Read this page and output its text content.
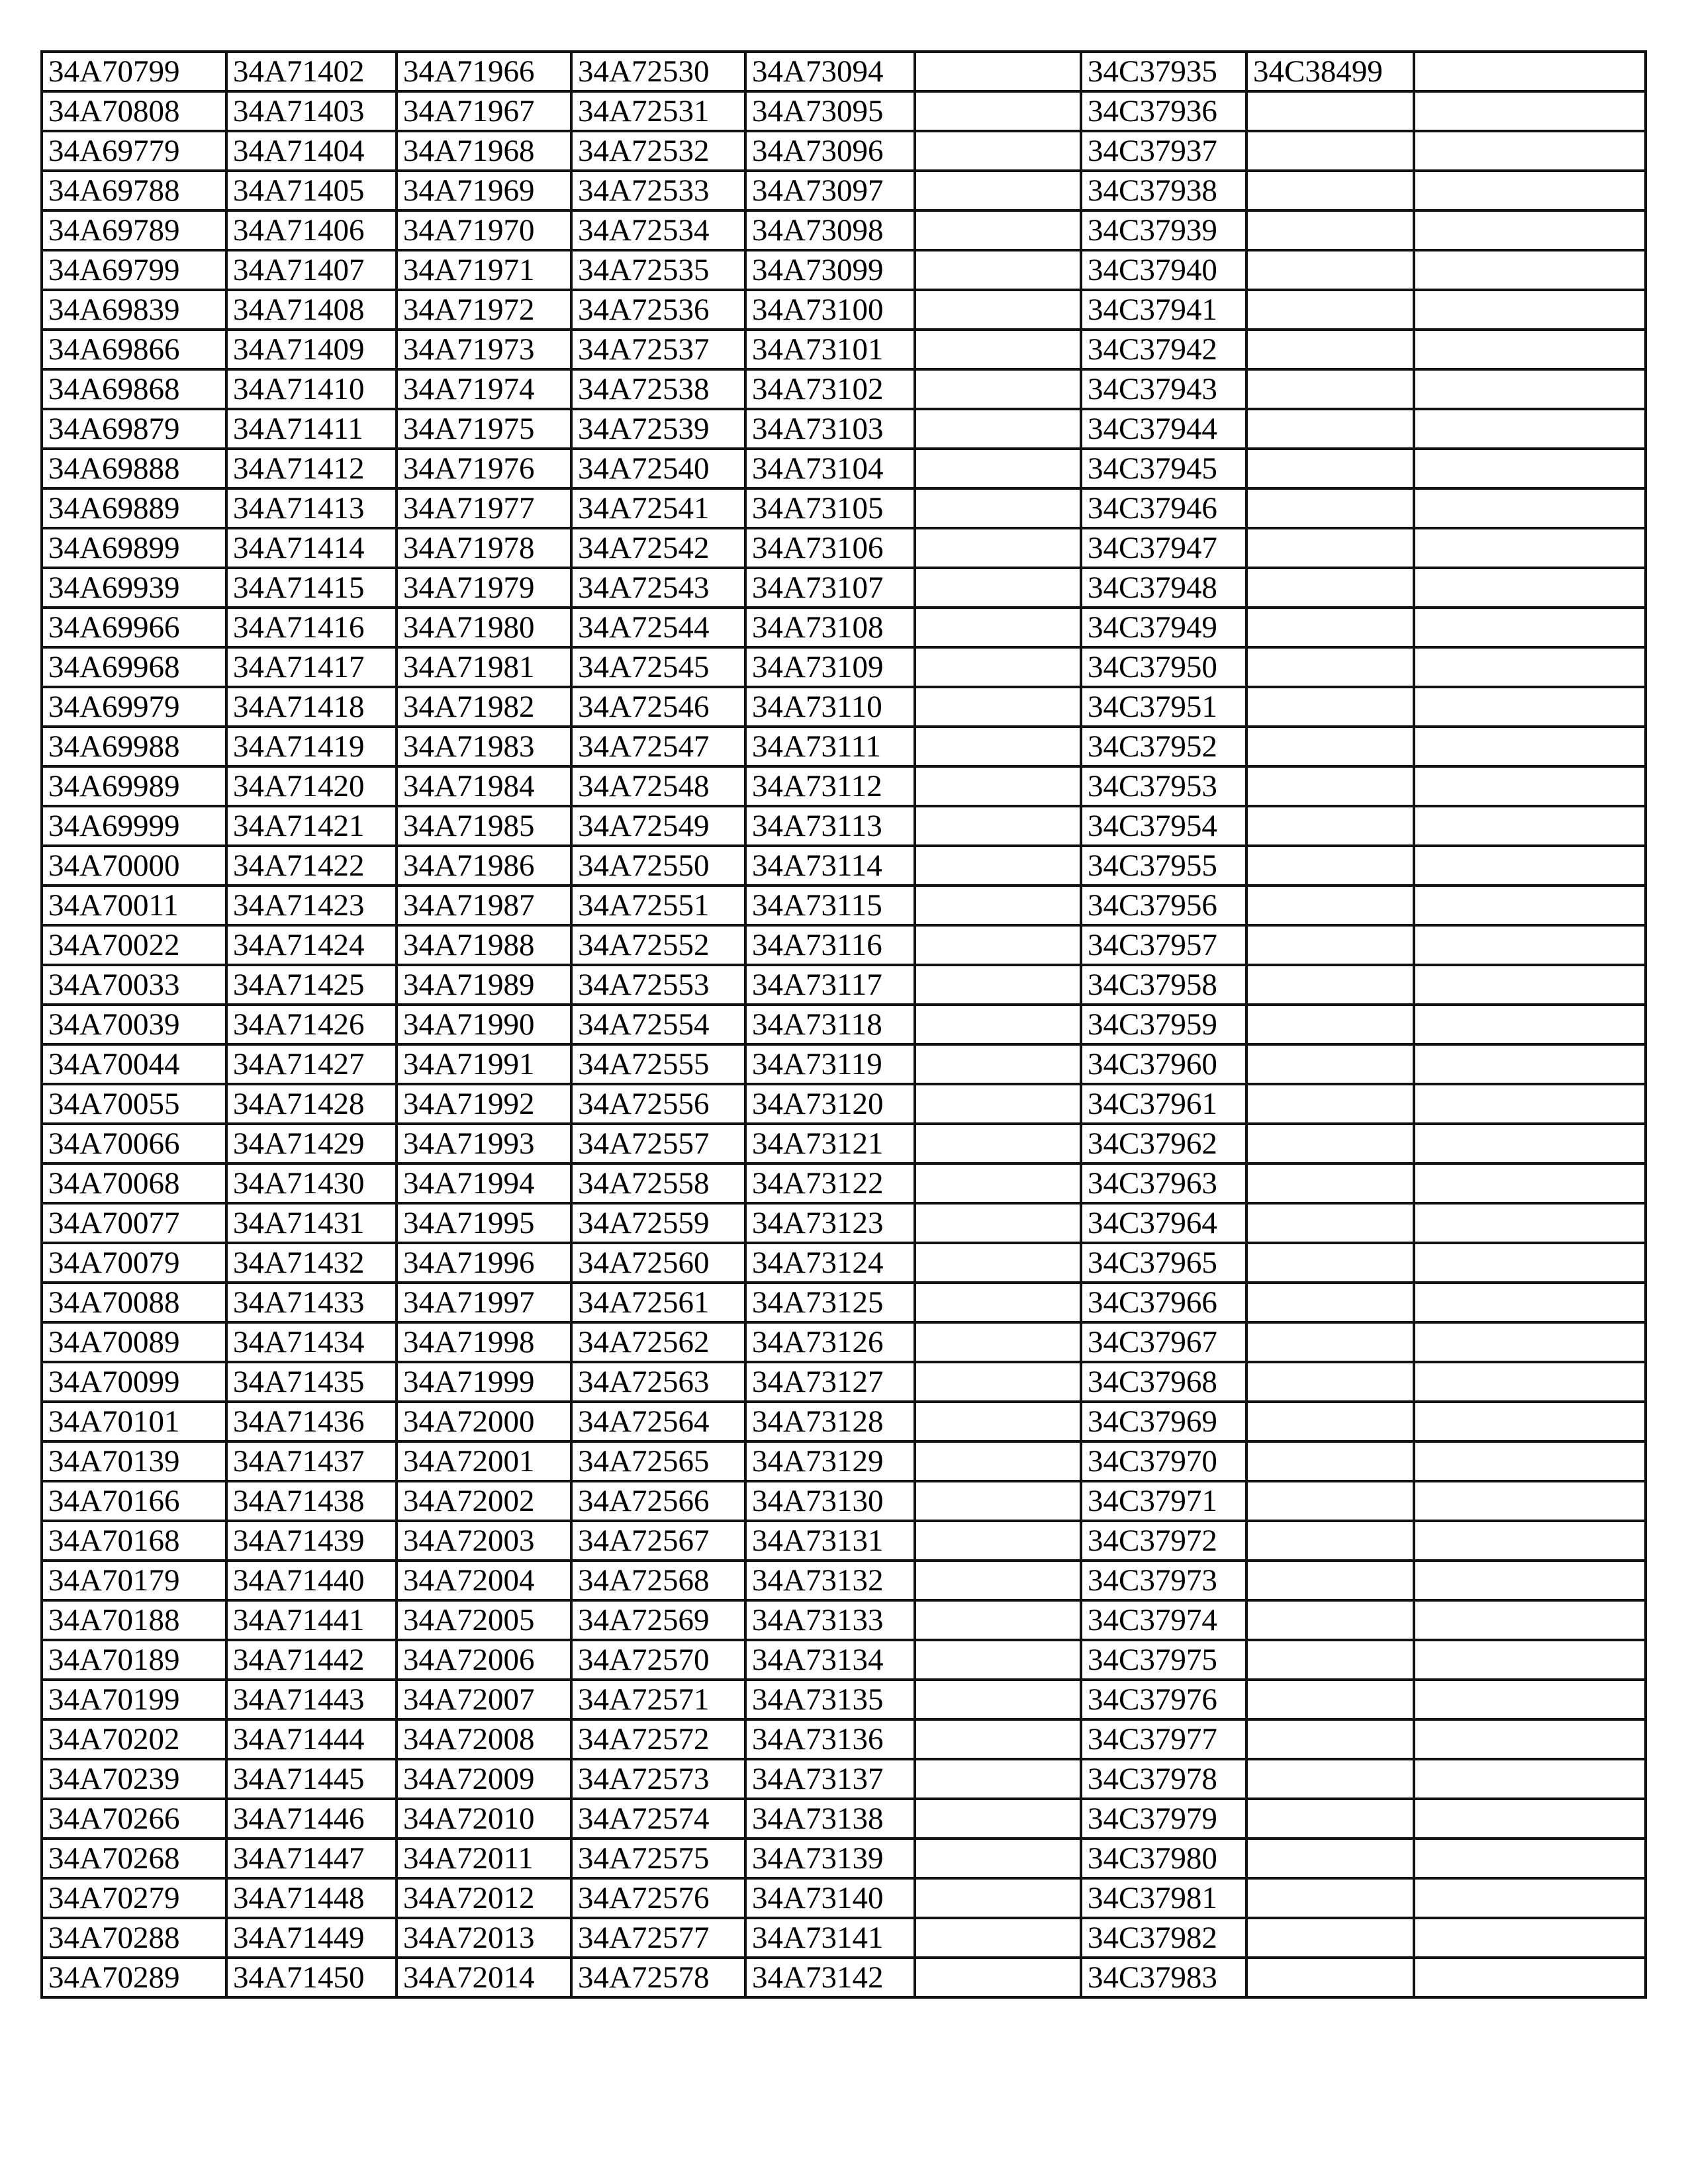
34A70799	34A71402	34A71966	34A72530	34A73094		34C37935	34C38499	
34A70808	34A71403	34A71967	34A72531	34A73095		34C37936		
34A69779	34A71404	34A71968	34A72532	34A73096		34C37937		
34A69788	34A71405	34A71969	34A72533	34A73097		34C37938		
34A69789	34A71406	34A71970	34A72534	34A73098		34C37939		
34A69799	34A71407	34A71971	34A72535	34A73099		34C37940		
34A69839	34A71408	34A71972	34A72536	34A73100		34C37941		
34A69866	34A71409	34A71973	34A72537	34A73101		34C37942		
34A69868	34A71410	34A71974	34A72538	34A73102		34C37943		
34A69879	34A71411	34A71975	34A72539	34A73103		34C37944		
34A69888	34A71412	34A71976	34A72540	34A73104		34C37945		
34A69889	34A71413	34A71977	34A72541	34A73105		34C37946		
34A69899	34A71414	34A71978	34A72542	34A73106		34C37947		
34A69939	34A71415	34A71979	34A72543	34A73107		34C37948		
34A69966	34A71416	34A71980	34A72544	34A73108		34C37949		
34A69968	34A71417	34A71981	34A72545	34A73109		34C37950		
34A69979	34A71418	34A71982	34A72546	34A73110		34C37951		
34A69988	34A71419	34A71983	34A72547	34A73111		34C37952		
34A69989	34A71420	34A71984	34A72548	34A73112		34C37953		
34A69999	34A71421	34A71985	34A72549	34A73113		34C37954		
34A70000	34A71422	34A71986	34A72550	34A73114		34C37955		
34A70011	34A71423	34A71987	34A72551	34A73115		34C37956		
34A70022	34A71424	34A71988	34A72552	34A73116		34C37957		
34A70033	34A71425	34A71989	34A72553	34A73117		34C37958		
34A70039	34A71426	34A71990	34A72554	34A73118		34C37959		
34A70044	34A71427	34A71991	34A72555	34A73119		34C37960		
34A70055	34A71428	34A71992	34A72556	34A73120		34C37961		
34A70066	34A71429	34A71993	34A72557	34A73121		34C37962		
34A70068	34A71430	34A71994	34A72558	34A73122		34C37963		
34A70077	34A71431	34A71995	34A72559	34A73123		34C37964		
34A70079	34A71432	34A71996	34A72560	34A73124		34C37965		
34A70088	34A71433	34A71997	34A72561	34A73125		34C37966		
34A70089	34A71434	34A71998	34A72562	34A73126		34C37967		
34A70099	34A71435	34A71999	34A72563	34A73127		34C37968		
34A70101	34A71436	34A72000	34A72564	34A73128		34C37969		
34A70139	34A71437	34A72001	34A72565	34A73129		34C37970		
34A70166	34A71438	34A72002	34A72566	34A73130		34C37971		
34A70168	34A71439	34A72003	34A72567	34A73131		34C37972		
34A70179	34A71440	34A72004	34A72568	34A73132		34C37973		
34A70188	34A71441	34A72005	34A72569	34A73133		34C37974		
34A70189	34A71442	34A72006	34A72570	34A73134		34C37975		
34A70199	34A71443	34A72007	34A72571	34A73135		34C37976		
34A70202	34A71444	34A72008	34A72572	34A73136		34C37977		
34A70239	34A71445	34A72009	34A72573	34A73137		34C37978		
34A70266	34A71446	34A72010	34A72574	34A73138		34C37979		
34A70268	34A71447	34A72011	34A72575	34A73139		34C37980		
34A70279	34A71448	34A72012	34A72576	34A73140		34C37981		
34A70288	34A71449	34A72013	34A72577	34A73141		34C37982		
34A70289	34A71450	34A72014	34A72578	34A73142		34C37983		
